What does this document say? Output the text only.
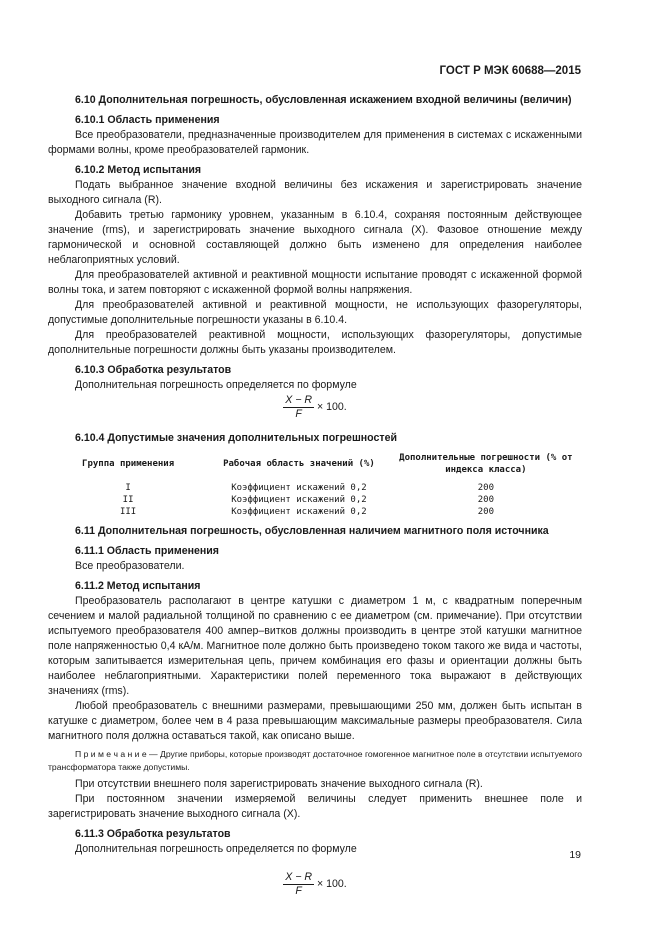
ГОСТ Р МЭК 60688—2015

6.10 Дополнительная погрешность, обусловленная искажением входной величины (величин)

6.10.1 Область применения

Все преобразователи, предназначенные производителем для применения в системах с искаженными формами волны, кроме преобразователей гармоник.

6.10.2 Метод испытания

Подать выбранное значение входной величины без искажения и зарегистрировать значение выходного сигнала (R).

Добавить третью гармонику уровнем, указанным в 6.10.4, сохраняя постоянным действующее значение (rms), и зарегистрировать значение выходного сигнала (X). Фазовое отношение между гармонической и основной составляющей должно быть изменено для определения наиболее неблагоприятных условий.

Для преобразователей активной и реактивной мощности испытание проводят с искаженной формой волны тока, и затем повторяют с искаженной формой волны напряжения.

Для преобразователей активной и реактивной мощности, не использующих фазорегуляторы, допустимые дополнительные погрешности указаны в 6.10.4.

Для преобразователей реактивной мощности, использующих фазорегуляторы, допустимые дополнительные погрешности должны быть указаны производителем.

6.10.3 Обработка результатов

Дополнительная погрешность определяется по формуле

$\frac{X - R}{F} \times 100$.

6.10.4 Допустимые значения дополнительных погрешностей

Группа применения	Рабочая область значений (%)	Дополнительные погрешности (% от индекса класса)
I	Коэффициент искажений 0,2	200
II	Коэффициент искажений 0,2	200
III	Коэффициент искажений 0,2	200

6.11 Дополнительная погрешность, обусловленная наличием магнитного поля источника

6.11.1 Область применения

Все преобразователи.

6.11.2 Метод испытания

Преобразователь располагают в центре катушки с диаметром 1 м, с квадратным поперечным сечением и малой радиальной толщиной по сравнению с ее диаметром (см. примечание). При отсутствии испытуемого преобразователя 400 ампер–витков должны производить в центре этой катушки магнитное поле напряженностью 0,4 кА/м. Магнитное поле должно быть произведено током такого же вида и частоты, которым запитывается измерительная цепь, причем комбинация его фазы и ориентации должны быть наиболее неблагоприятными. Характеристики полей переменного тока выражают в действующих значениях (rms).

Любой преобразователь с внешними размерами, превышающими 250 мм, должен быть испытан в катушке с диаметром, более чем в 4 раза превышающим максимальные размеры преобразователя. Сила магнитного поля должна оставаться такой, как описано выше.

П р и м е ч а н и е — Другие приборы, которые производят достаточное гомогенное магнитное поле в отсутствии испытуемого трансформатора также допустимы.

При отсутствии внешнего поля зарегистрировать значение выходного сигнала (R).

При постоянном значении измеряемой величины следует применить внешнее поле и зарегистрировать значение выходного сигнала (X).

6.11.3 Обработка результатов

Дополнительная погрешность определяется по формуле

$\frac{X - R}{F} \times 100$.
19
